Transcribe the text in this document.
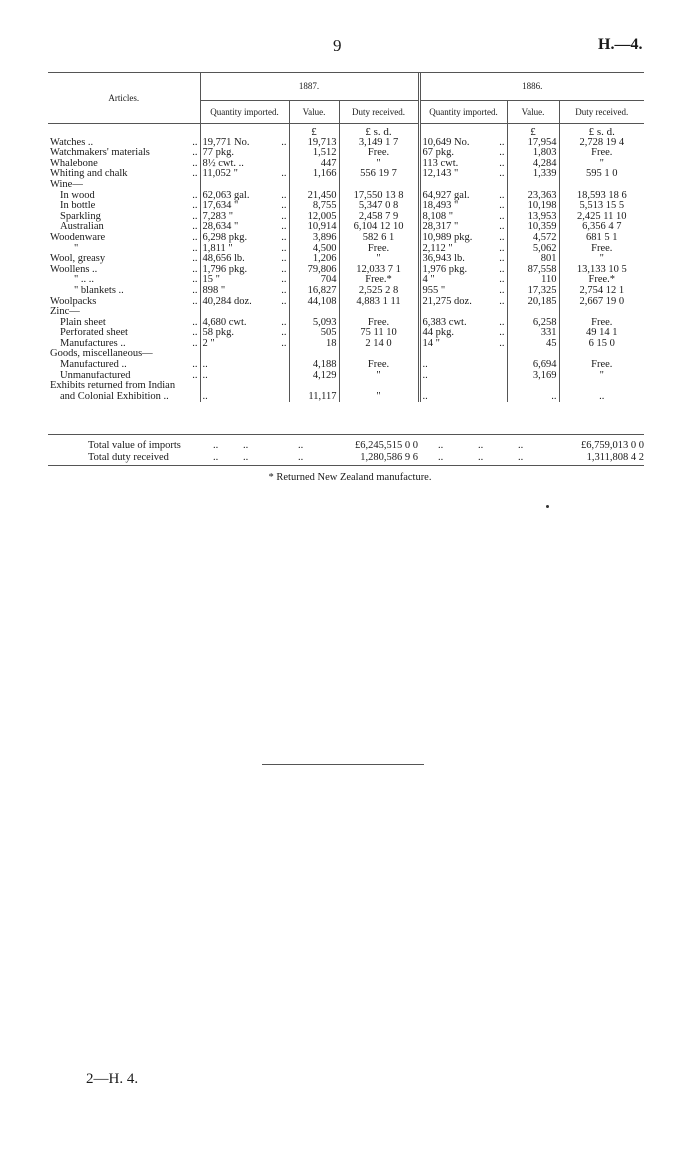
9	H.—4.
Articles.	1887.			1886.		
	Quantity imported.	Value.	Duty received.	Quantity imported.	Value.	Duty received.

		£	£ s. d.		£	£ s. d.
Watches .. ..	19,771 No. ..	19,713	3,149 1 7	10,649 No. ..	17,954	2,728 19 4
Watchmakers' materials ..	77 pkg.	1,512	Free.	67 pkg. ..	1,803	Free.
Whalebone ..	8½ cwt. ..	447	"	113 cwt. ..	4,284	"
Whiting and chalk ..	11,052 " ..	1,166	556 19 7	12,143 " ..	1,339	595 1 0
Wine—						
In wood ..	62,063 gal. ..	21,450	17,550 13 8	64,927 gal. ..	23,363	18,593 18 6
In bottle ..	17,634 " ..	8,755	5,347 0 8	18,493 " ..	10,198	5,513 15 5
Sparkling ..	7,283 " ..	12,005	2,458 7 9	8,108 " ..	13,953	2,425 11 10
Australian ..	28,634 " ..	10,914	6,104 12 10	28,317 " ..	10,359	6,356 4 7
Woodenware ..	6,298 pkg. ..	3,896	582 6 1	10,989 pkg. ..	4,572	681 5 1
" ..	1,811 " ..	4,500	Free.	2,112 " ..	5,062	Free.
Wool, greasy ..	48,656 lb. ..	1,206	"	36,943 lb. ..	801	"
Woollens .. ..	1,796 pkg. ..	79,806	12,033 7 1	1,976 pkg. ..	87,558	13,133 10 5
" .. .. ..	15 " ..	704	Free.*	4 " ..	110	Free.*
" blankets .. ..	898 " ..	16,827	2,525 2 8	955 " ..	17,325	2,754 12 1
Woolpacks ..	40,284 doz. ..	44,108	4,883 1 11	21,275 doz. ..	20,185	2,667 19 0
Zinc—						
Plain sheet ..	4,680 cwt. ..	5,093	Free.	6,383 cwt. ..	6,258	Free.
Perforated sheet ..	58 pkg. ..	505	75 11 10	44 pkg. ..	331	49 14 1
Manufactures .. ..	2 " ..	18	2 14 0	14 " ..	45	6 15 0
Goods, miscellaneous—						
Manufactured .. ..	..	4,188	Free.	..	6,694	Free.
Unmanufactured ..	..	4,129	"	..	3,169	"
Exhibits returned from Indian						
and Colonial Exhibition ..	..	11,117	"	..	..	..
Total value of imports	.. ..	..	£6,245,515 0 0 ..	..	..	£6,759,013 0 0
Total duty received	.. ..	..	1,280,586 9 6 ..	..	..	1,311,808 4 2
* Returned New Zealand manufacture.
2—H. 4.
